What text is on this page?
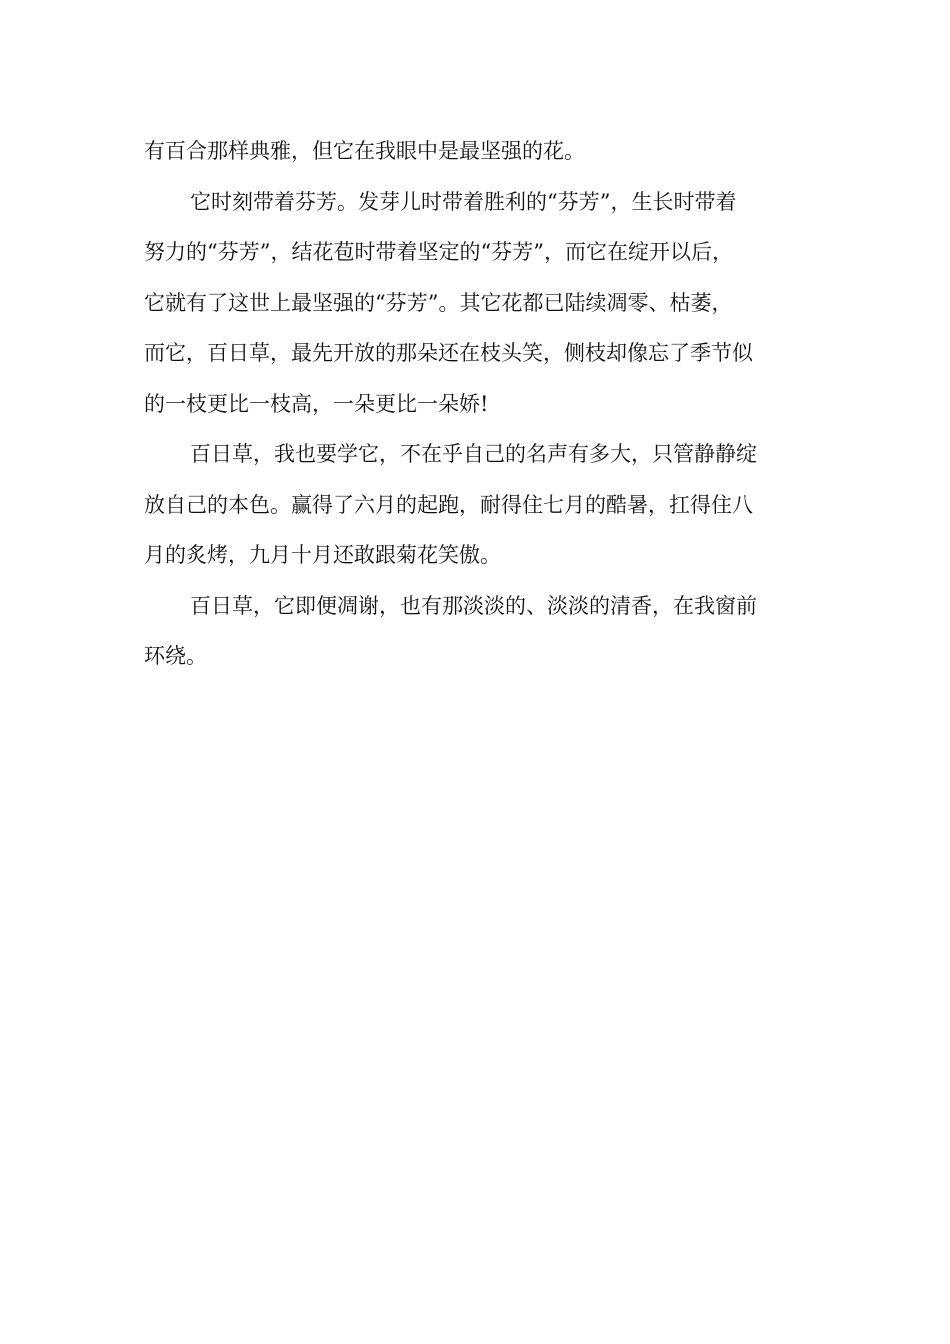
有百合那样典雅，但它在我眼中是最坚强的花。
它时刻带着芬芳。发芽儿时带着胜利的“芬芳”，生长时带着
努力的“芬芳”，结花苞时带着坚定的“芬芳”，而它在绽开以后，
它就有了这世上最坚强的“芬芳”。其它花都已陆续凋零、枯萎，
而它，百日草，最先开放的那朵还在枝头笑，侧枝却像忘了季节似
的一枝更比一枝高，一朵更比一朵娇!
百日草，我也要学它，不在乎自己的名声有多大，只管静静绽
放自己的本色。赢得了六月的起跑，耐得住七月的酷暑，扛得住八
月的炙烤，九月十月还敢跟菊花笑傲。
百日草，它即便凋谢，也有那淡淡的、淡淡的清香，在我窗前
环绕。
